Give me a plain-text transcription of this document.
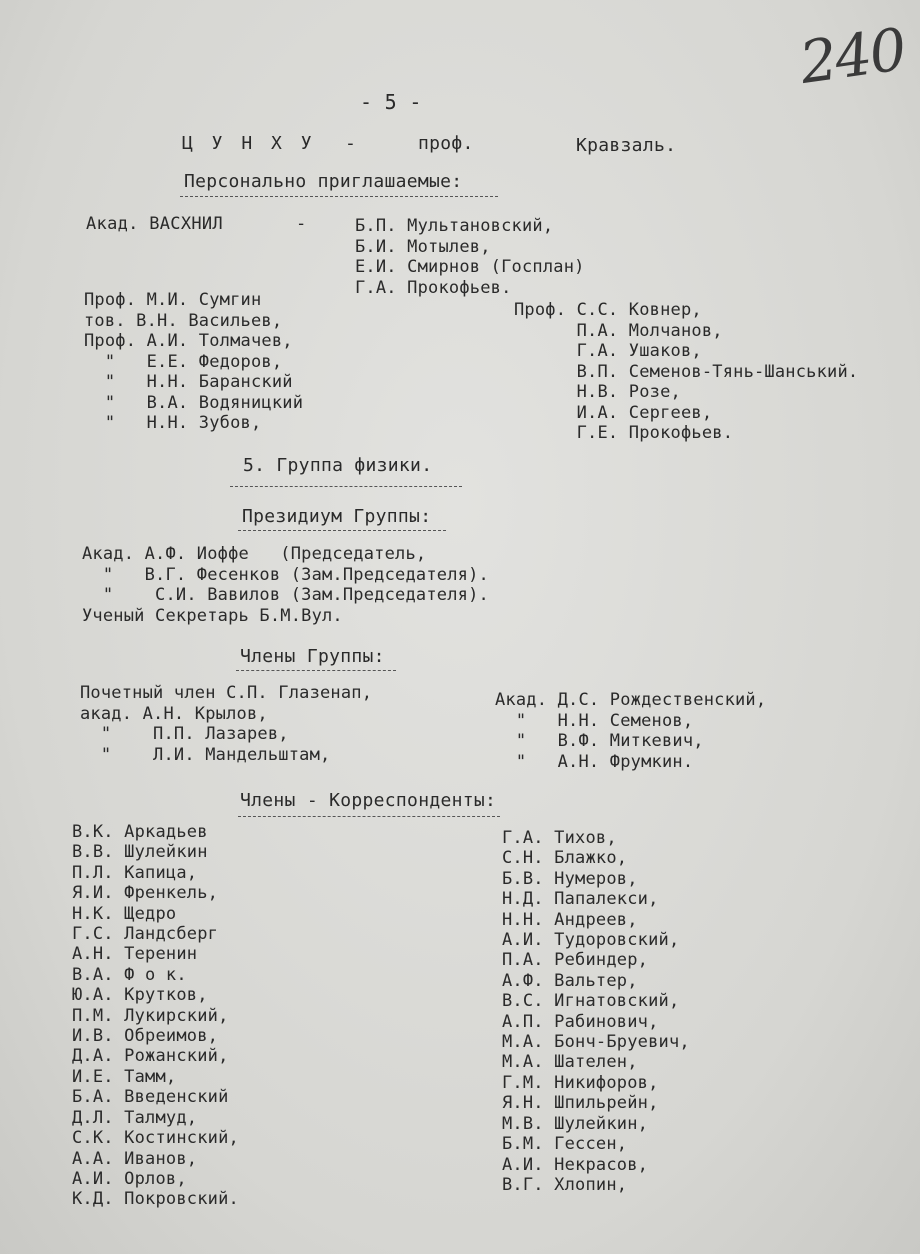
240
- 5 -
Ц У Н Х У -	проф.	Кравзаль.
Персонально приглашаемые:
Акад. ВАСХНИЛ	-	Б.П. Мультановский,
Б.И. Мотылев,
Е.И. Смирнов (Госплан)
Г.А. Прокофьев.
Проф. М.И. Сумгин
тов. В.Н. Васильев,
Проф. А.И. Толмачев,
"   Е.Е. Федоров,
"   Н.Н. Баранский
"   В.А. Водяницкий
"   Н.Н. Зубов,
Проф. С.С. Ковнер,
П.А. Молчанов,
Г.А. Ушаков,
В.П. Семенов-Тянь-Шанський.
Н.В. Розе,
И.А. Сергеев,
Г.Е. Прокофьев.
5. Группа физики.
Президиум Группы:
Акад. А.Ф. Иоффе   (Председатель,
"   В.Г. Фесенков (Зам.Председателя).
"    С.И. Вавилов (Зам.Председателя).
Ученый Секретарь Б.М.Вул.
Члены Группы:
Почетный член С.П. Глазенап,
акад. А.Н. Крылов,
"    П.П. Лазарев,
"    Л.И. Мандельштам,
Акад. Д.С. Рождественский,
"   Н.Н. Семенов,
"   В.Ф. Миткевич,
"   А.Н. Фрумкин.
Члены - Корреспонденты:
В.К. Аркадьев
В.В. Шулейкин
П.Л. Капица,
Я.И. Френкель,
Н.К. Щедро
Г.С. Ландсберг
А.Н. Теренин
В.А. Ф о к.
Ю.А. Крутков,
П.М. Лукирский,
И.В. Обреимов,
Д.А. Рожанский,
И.Е. Тамм,
Б.А. Введенский
Д.Л. Талмуд,
С.К. Костинский,
А.А. Иванов,
А.И. Орлов,
К.Д. Покровский.
Г.А. Тихов,
С.Н. Блажко,
Б.В. Нумеров,
Н.Д. Папалекси,
Н.Н. Андреев,
А.И. Тудоровский,
П.А. Ребиндер,
А.Ф. Вальтер,
В.С. Игнатовский,
А.П. Рабинович,
М.А. Бонч-Бруевич,
М.А. Шателен,
Г.М. Никифоров,
Я.Н. Шпильрейн,
М.В. Шулейкин,
Б.М. Гессен,
А.И. Некрасов,
В.Г. Хлопин,
